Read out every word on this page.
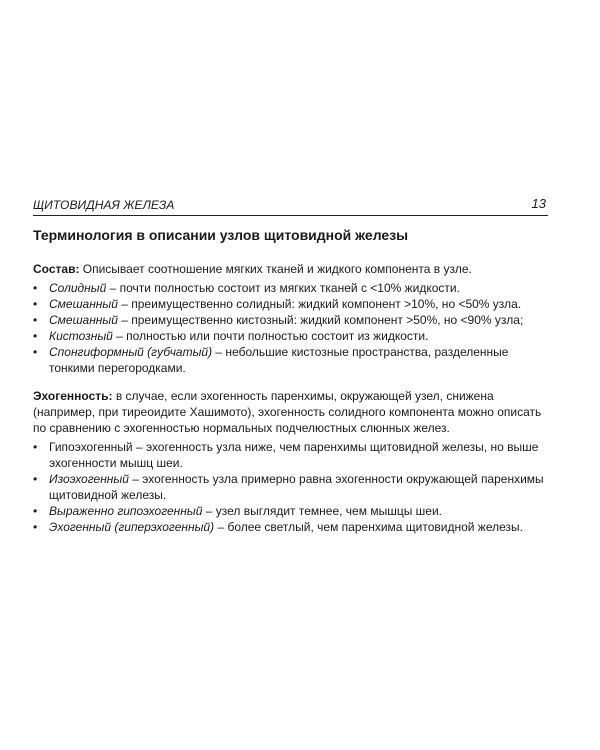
ЩИТОВИДНАЯ ЖЕЛЕЗА	13
Терминология в описании узлов щитовидной железы

Состав: Описывает соотношение мягких тканей и жидкого компонента в узле.

• Солидный – почти полностью состоит из мягких тканей с <10% жидкости.
• Смешанный – преимущественно солидный: жидкий компонент >10%, но <50% узла.
• Смешанный – преимущественно кистозный: жидкий компонент >50%, но <90% узла;
• Кистозный – полностью или почти полностью состоит из жидкости.
• Спонгиформный (губчатый) – небольшие кистозные пространства, разделенные тонкими перегородками.

Эхогенность: в случае, если эхогенность паренхимы, окружающей узел, снижена (например, при тиреоидите Хашимото), эхогенность солидного компонента можно описать по сравнению с эхогенностью нормальных подчелюстных слюнных желез.

• Гипоэхогенный – эхогенность узла ниже, чем паренхимы щитовидной железы, но выше эхогенности мышц шеи.
• Изоэхогенный – эхогенность узла примерно равна эхогенности окружающей паренхимы щитовидной железы.
• Выраженно гипоэхогенный – узел выглядит темнее, чем мышцы шеи.
• Эхогенный (гиперэхогенный) – более светлый, чем паренхима щитовидной железы.
